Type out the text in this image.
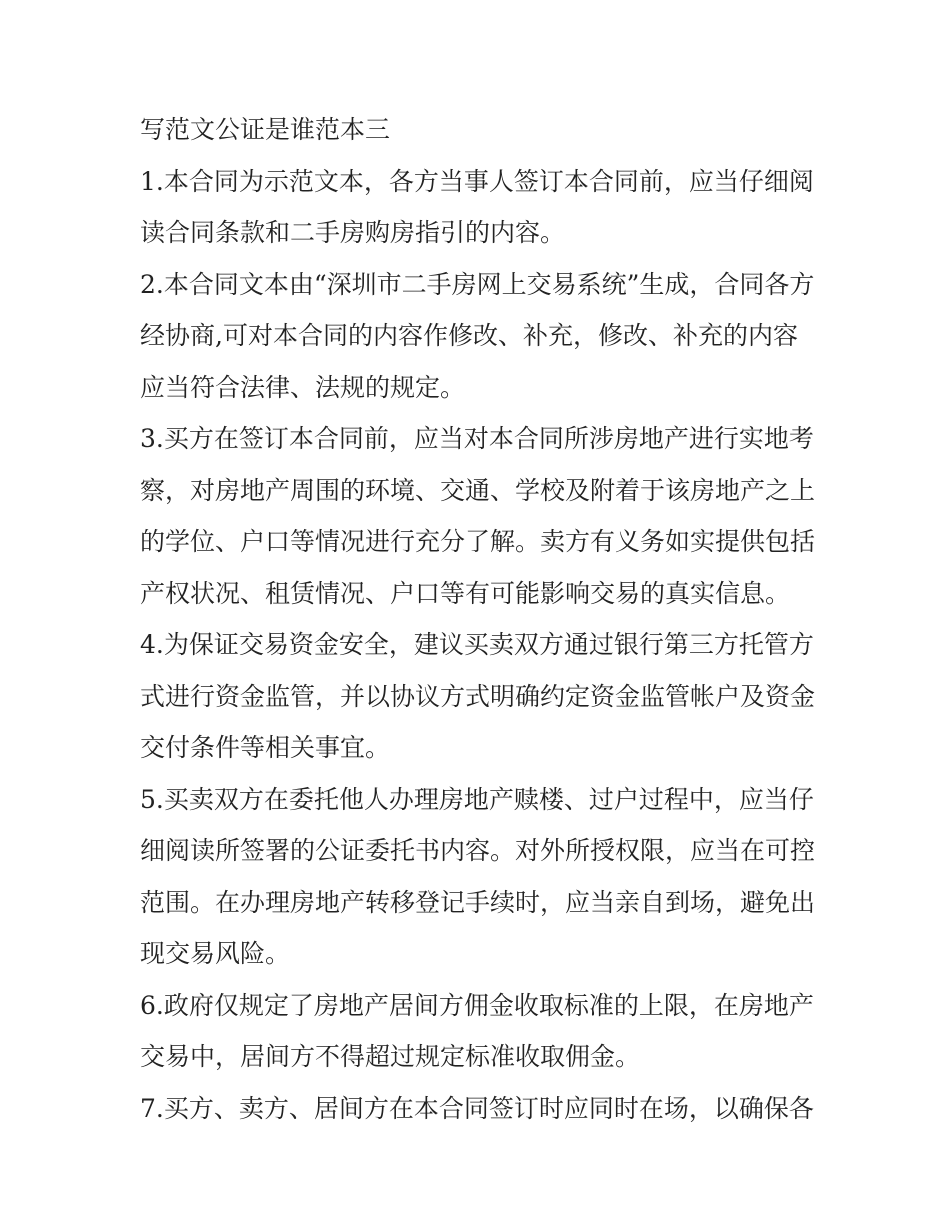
写范文公证是谁范本三

1.本合同为示范文本，各方当事人签订本合同前，应当仔细阅

读合同条款和二手房购房指引的内容。

2.本合同文本由“深圳市二手房网上交易系统”生成，合同各方

经协商,可对本合同的内容作修改、补充，修改、补充的内容

应当符合法律、法规的规定。

3.买方在签订本合同前，应当对本合同所涉房地产进行实地考

察，对房地产周围的环境、交通、学校及附着于该房地产之上

的学位、户口等情况进行充分了解。卖方有义务如实提供包括

产权状况、租赁情况、户口等有可能影响交易的真实信息。

4.为保证交易资金安全，建议买卖双方通过银行第三方托管方

式进行资金监管，并以协议方式明确约定资金监管帐户及资金

交付条件等相关事宜。

5.买卖双方在委托他人办理房地产赎楼、过户过程中，应当仔

细阅读所签署的公证委托书内容。对外所授权限，应当在可控

范围。在办理房地产转移登记手续时，应当亲自到场，避免出

现交易风险。

6.政府仅规定了房地产居间方佣金收取标准的上限，在房地产

交易中，居间方不得超过规定标准收取佣金。

7.买方、卖方、居间方在本合同签订时应同时在场，以确保各
